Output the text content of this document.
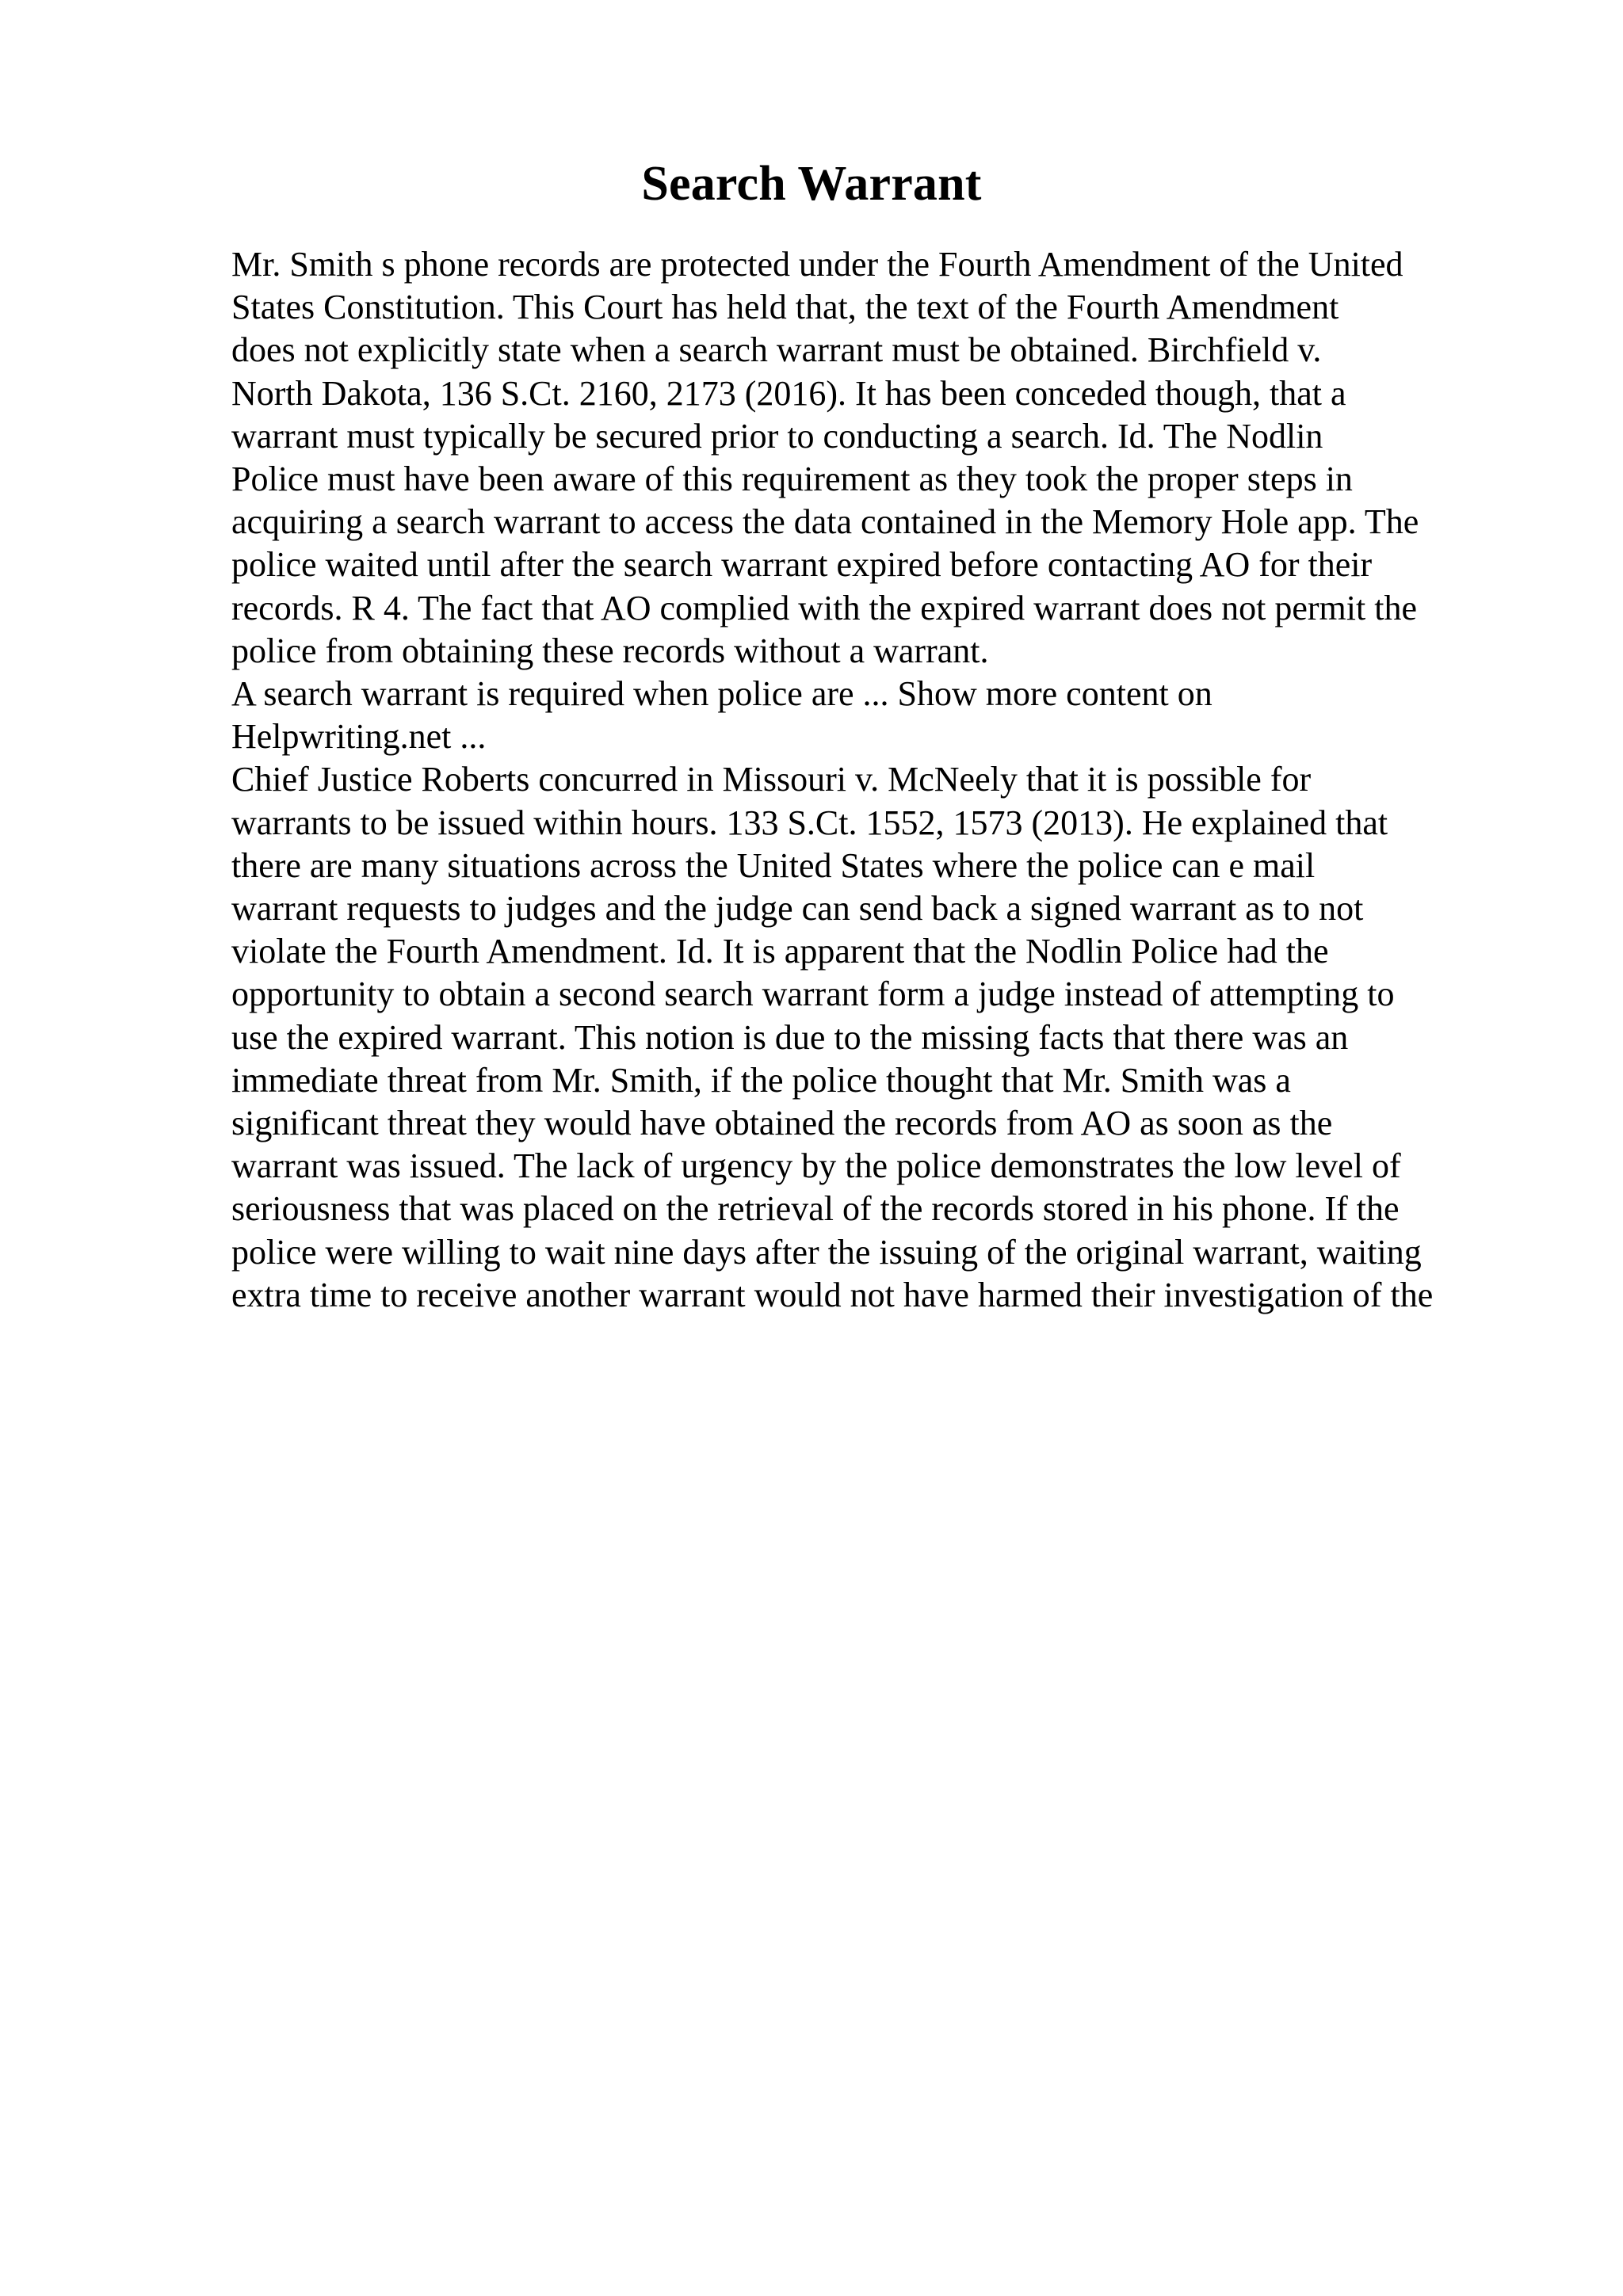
Search Warrant
Mr. Smith s phone records are protected under the Fourth Amendment of the United
States Constitution. This Court has held that, the text of the Fourth Amendment
does not explicitly state when a search warrant must be obtained. Birchfield v.
North Dakota, 136 S.Ct. 2160, 2173 (2016). It has been conceded though, that a
warrant must typically be secured prior to conducting a search. Id. The Nodlin
Police must have been aware of this requirement as they took the proper steps in
acquiring a search warrant to access the data contained in the Memory Hole app. The
police waited until after the search warrant expired before contacting AO for their
records. R 4. The fact that AO complied with the expired warrant does not permit the
police from obtaining these records without a warrant.
A search warrant is required when police are ... Show more content on
Helpwriting.net ...
Chief Justice Roberts concurred in Missouri v. McNeely that it is possible for
warrants to be issued within hours. 133 S.Ct. 1552, 1573 (2013). He explained that
there are many situations across the United States where the police can e mail
warrant requests to judges and the judge can send back a signed warrant as to not
violate the Fourth Amendment. Id. It is apparent that the Nodlin Police had the
opportunity to obtain a second search warrant form a judge instead of attempting to
use the expired warrant. This notion is due to the missing facts that there was an
immediate threat from Mr. Smith, if the police thought that Mr. Smith was a
significant threat they would have obtained the records from AO as soon as the
warrant was issued. The lack of urgency by the police demonstrates the low level of
seriousness that was placed on the retrieval of the records stored in his phone. If the
police were willing to wait nine days after the issuing of the original warrant, waiting
extra time to receive another warrant would not have harmed their investigation of the
